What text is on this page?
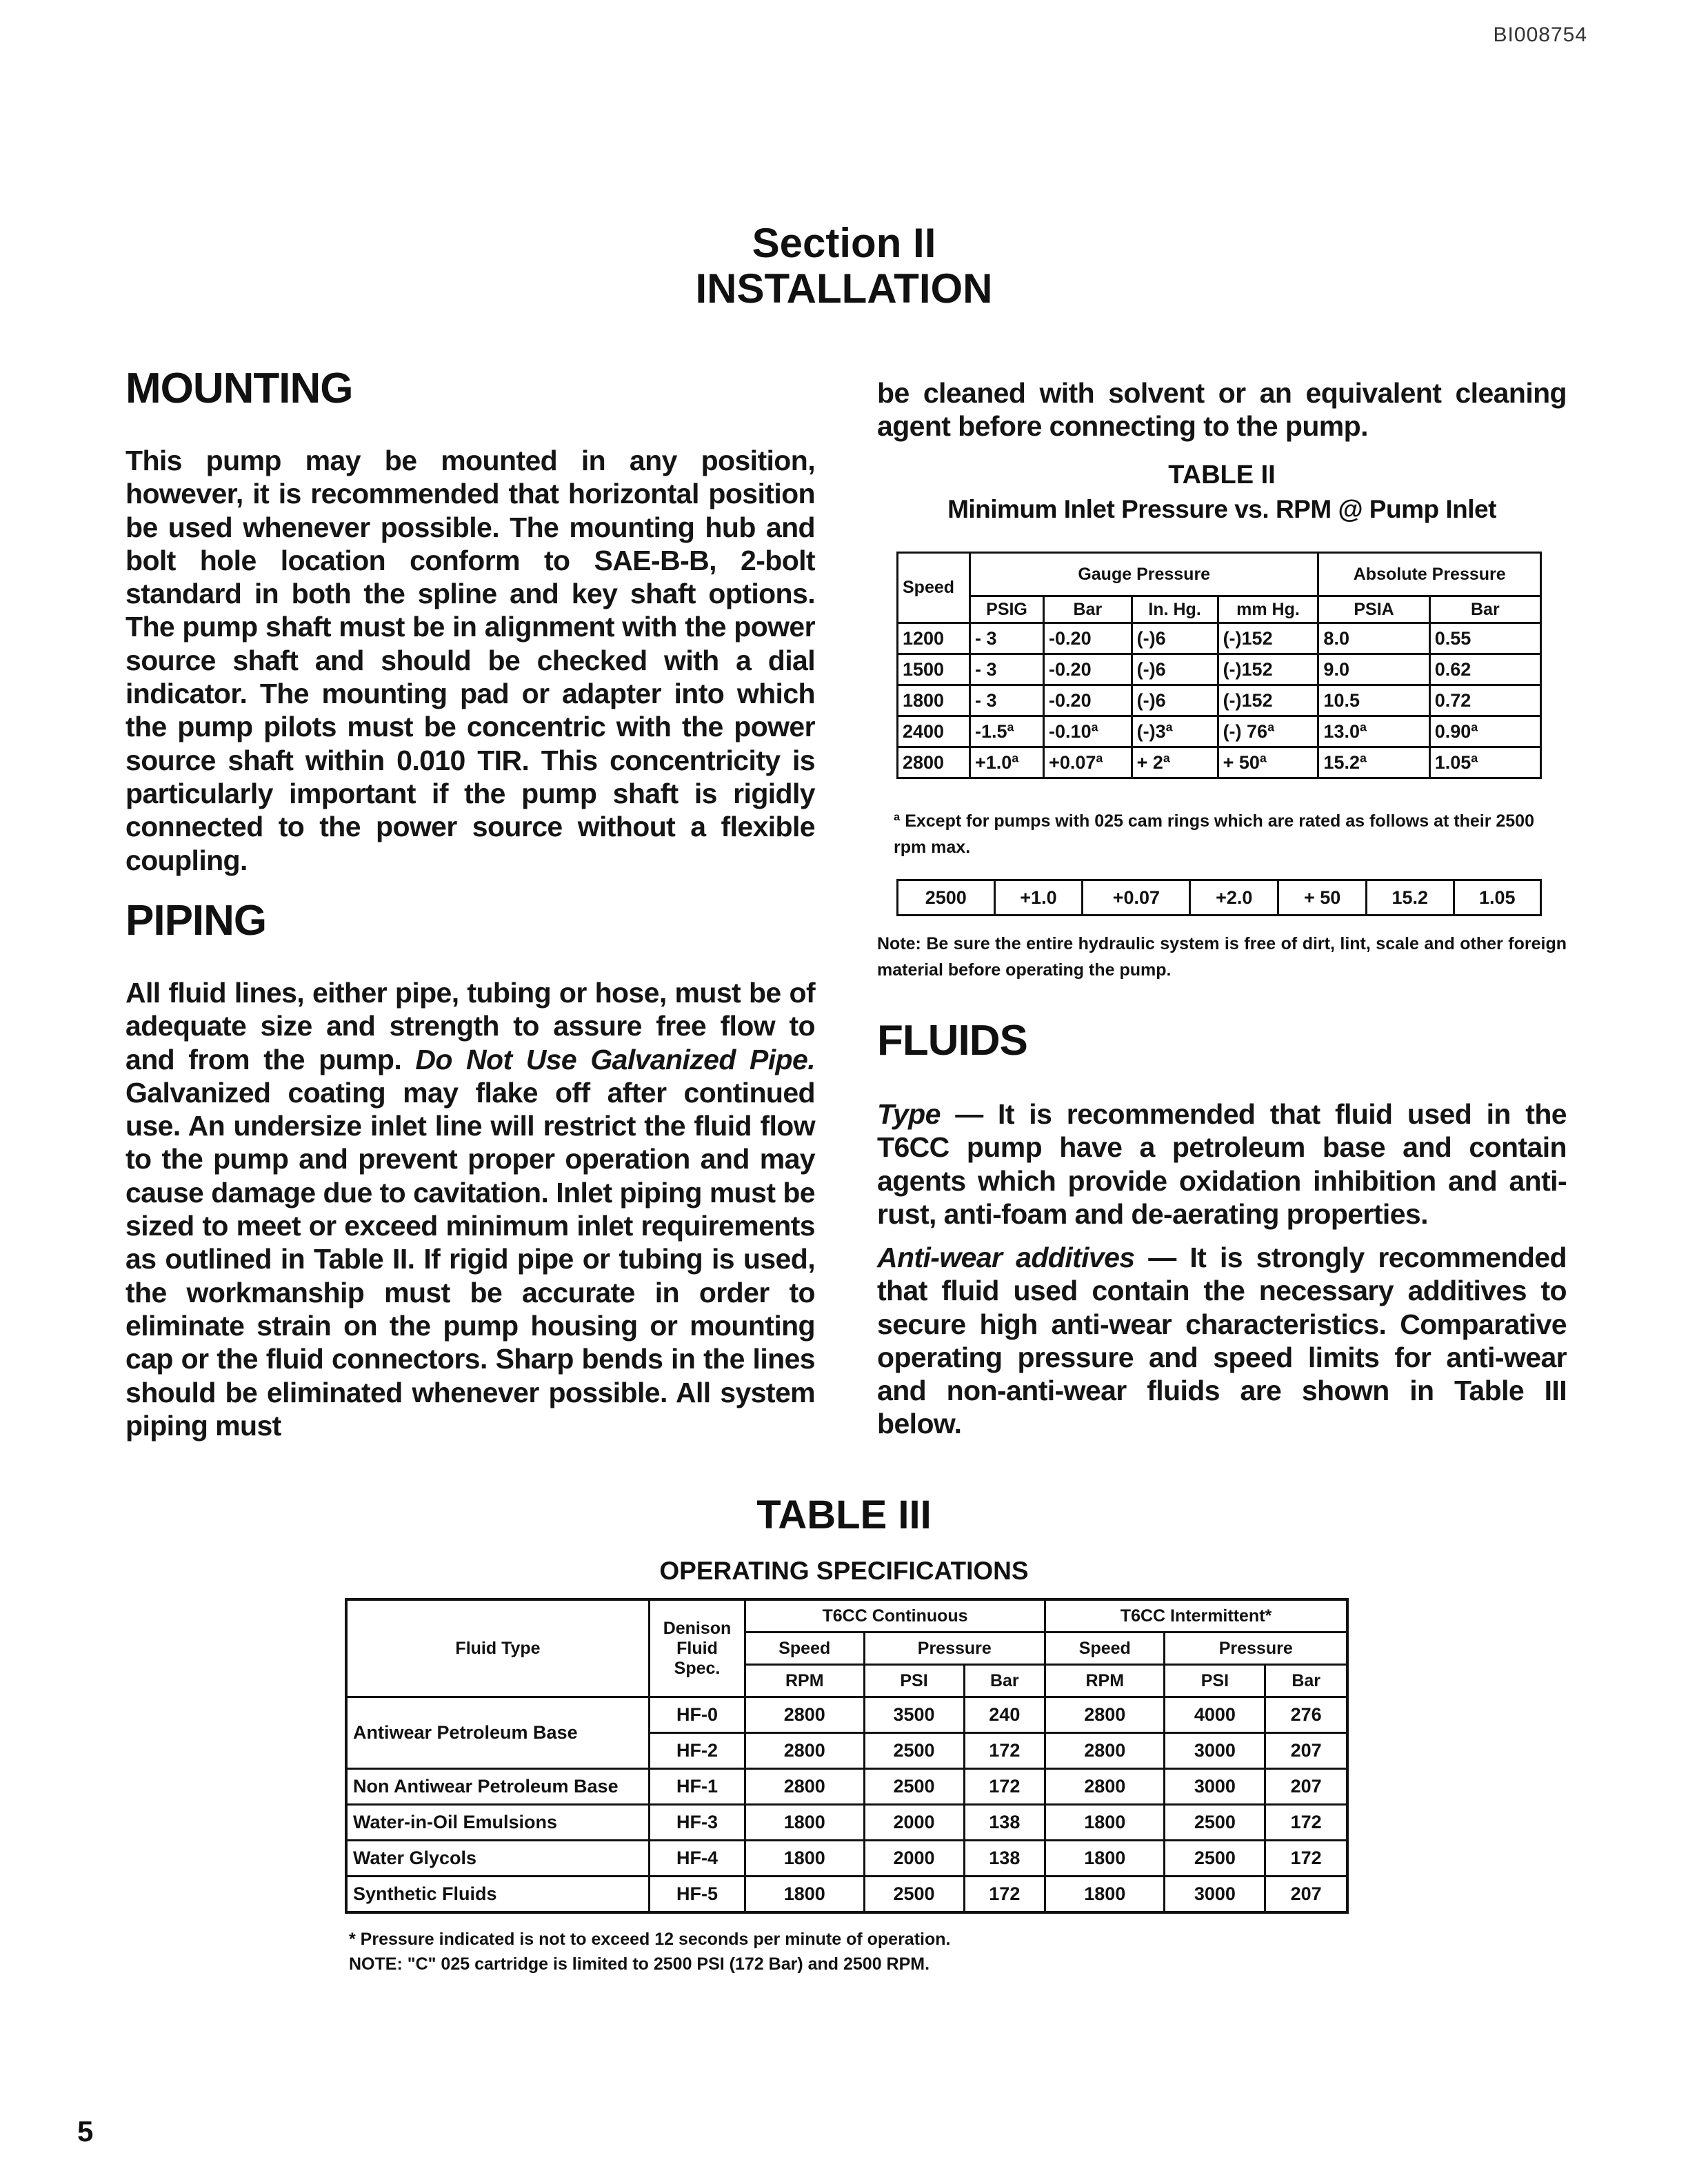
BI008754
Section II
INSTALLATION
MOUNTING

This pump may be mounted in any position, however, it is recommended that horizontal position be used whenever possible. The mounting hub and bolt hole location conform to SAE-B-B, 2-bolt standard in both the spline and key shaft options. The pump shaft must be in alignment with the power source shaft and should be checked with a dial indicator. The mounting pad or adapter into which the pump pilots must be concentric with the power source shaft within 0.010 TIR. This concentricity is particularly important if the pump shaft is rigidly connected to the power source without a flexible coupling.

PIPING

All fluid lines, either pipe, tubing or hose, must be of adequate size and strength to assure free flow to and from the pump. Do Not Use Galvanized Pipe. Galvanized coating may flake off after continued use. An undersize inlet line will restrict the fluid flow to the pump and prevent proper operation and may cause damage due to cavitation. Inlet piping must be sized to meet or exceed minimum inlet requirements as outlined in Table II. If rigid pipe or tubing is used, the workmanship must be accurate in order to eliminate strain on the pump housing or mounting cap or the fluid connectors. Sharp bends in the lines should be eliminated whenever possible. All system piping must

be cleaned with solvent or an equivalent cleaning agent before connecting to the pump.

TABLE II
Minimum Inlet Pressure vs. RPM @ Pump Inlet
Speed	Gauge Pressure				Absolute Pressure	
	PSIG	Bar	In. Hg.	mm Hg.	PSIA	Bar
1200	- 3	-0.20	(-)6	(-)152	8.0	0.55
1500	- 3	-0.20	(-)6	(-)152	9.0	0.62
1800	- 3	-0.20	(-)6	(-)152	10.5	0.72
2400	-1.5ª	-0.10ª	(-)3ª	(-) 76ª	13.0ª	0.90ª
2800	+1.0ª	+0.07ª	+ 2ª	+ 50ª	15.2ª	1.05ª
ª Except for pumps with 025 cam rings which are rated as follows at their 2500 rpm max.
2500	+1.0	+0.07	+2.0	+ 50	15.2	1.05
Note: Be sure the entire hydraulic system is free of dirt, lint, scale and other foreign material before operating the pump.
FLUIDS

Type — It is recommended that fluid used in the T6CC pump have a petroleum base and contain agents which provide oxidation inhibition and anti-rust, anti-foam and de-aerating properties.

Anti-wear additives — It is strongly recommended that fluid used contain the necessary additives to secure high anti-wear characteristics. Comparative operating pressure and speed limits for anti-wear and non-anti-wear fluids are shown in Table III below.

TABLE III
OPERATING SPECIFICATIONS
Fluid Type	Denison Fluid Spec.	T6CC Continuous			T6CC Intermittent*		
		Speed	Pressure		Speed	Pressure	
		RPM	PSI	Bar	RPM	PSI	Bar
Antiwear Petroleum Base	HF-0	2800	3500	240	2800	4000	276
	HF-2	2800	2500	172	2800	3000	207
Non Antiwear Petroleum Base	HF-1	2800	2500	172	2800	3000	207
Water-in-Oil Emulsions	HF-3	1800	2000	138	1800	2500	172
Water Glycols	HF-4	1800	2000	138	1800	2500	172
Synthetic Fluids	HF-5	1800	2500	172	1800	3000	207
* Pressure indicated is not to exceed 12 seconds per minute of operation.
NOTE: "C" 025 cartridge is limited to 2500 PSI (172 Bar) and 2500 RPM.
5
